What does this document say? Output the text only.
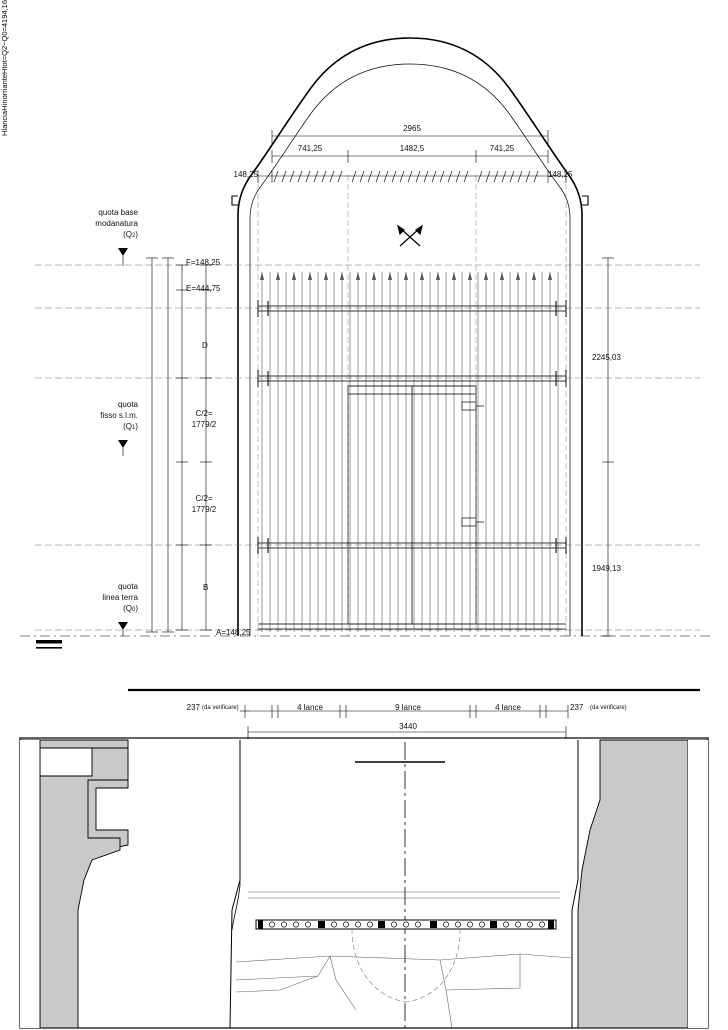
2965
741,25	1482,5	741,25
148,25	148,25
F=148,25
E=444,75
D
C/2=
1779/2
C/2=
1779/2
B
A=148,25
2245,03
1949,13
Htot=Q2−Q0=4194,16
Hinorriante
Hlancia
quota base
modanatura
(Q2)
quota
fisso s.l.m.
(Q1)
quota
linea terra
(Q0)
237 (da verificare)	4 lance	9 lance	4 lance	237 (da verificare)
3440
